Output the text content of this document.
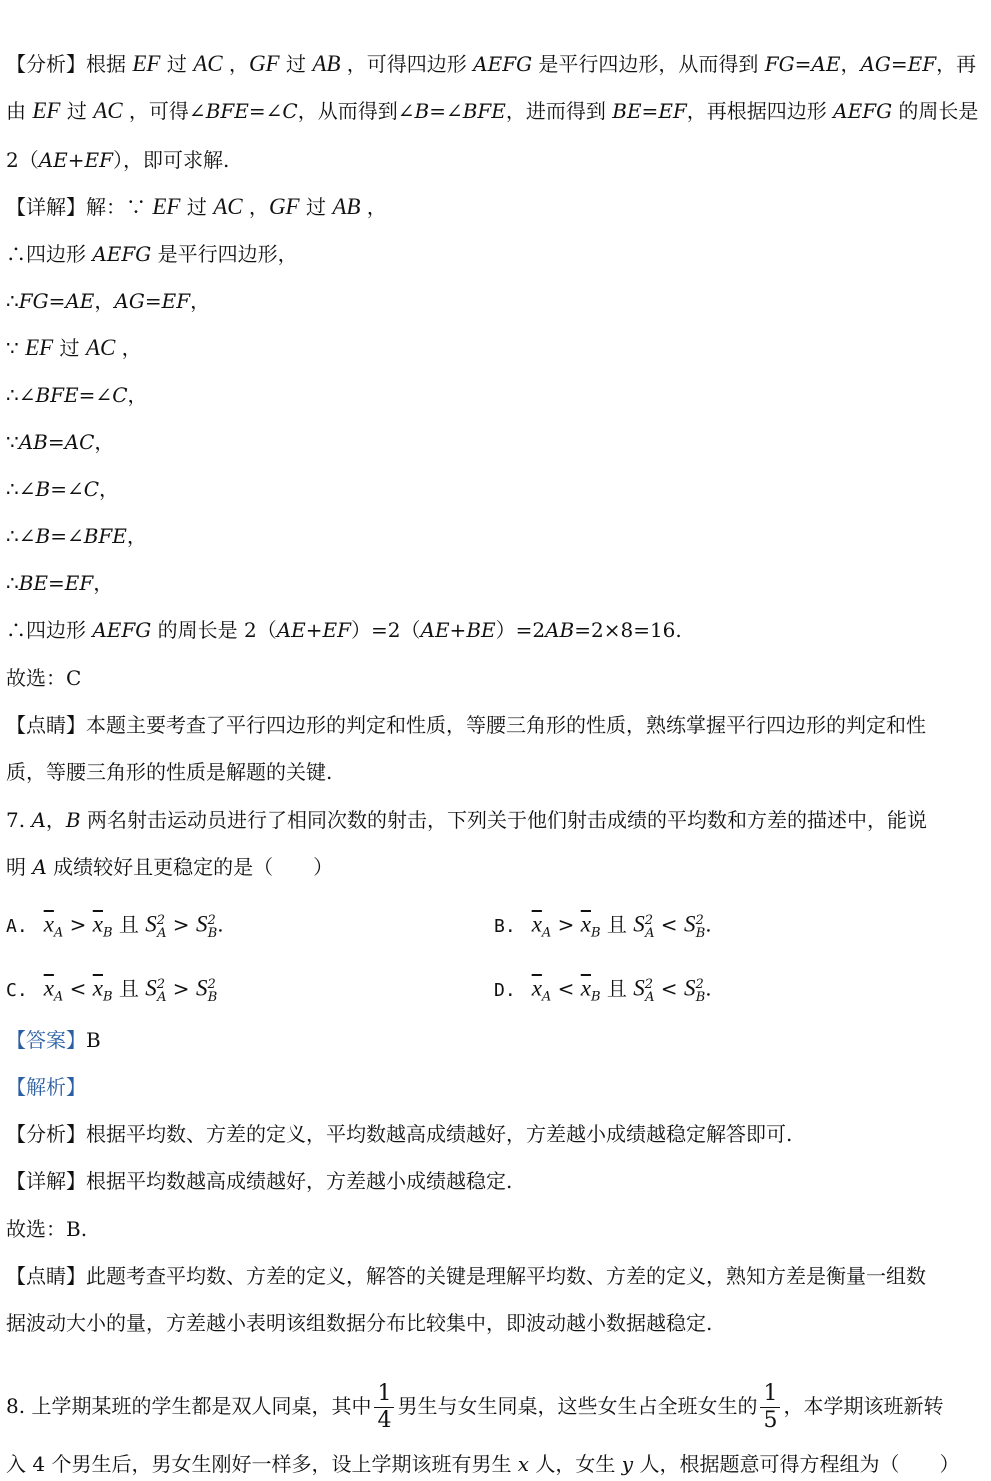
【分析】根据 EF 过 AC ，GF 过 AB ，可得四边形 AEFG 是平行四边形，从而得到 FG=AE，AG=EF，再
由 EF 过 AC ，可得∠BFE=∠C，从而得到∠B=∠BFE，进而得到 BE=EF，再根据四边形 AEFG 的周长是
2（AE+EF），即可求解.
【详解】解：∵ EF 过 AC ，GF 过 AB ，
∴四边形 AEFG 是平行四边形，
∴FG=AE，AG=EF，
∵ EF 过 AC ，
∴∠BFE=∠C，
∵AB=AC，
∴∠B=∠C，
∴∠B=∠BFE，
∴BE=EF，
∴四边形 AEFG 的周长是 2（AE+EF）=2（AE+BE）=2AB=2×8=16.
故选：C
【点睛】本题主要考查了平行四边形的判定和性质，等腰三角形的性质，熟练掌握平行四边形的判定和性
质，等腰三角形的性质是解题的关键.
7. A，B 两名射击运动员进行了相同次数的射击，下列关于他们射击成绩的平均数和方差的描述中，能说
明 A 成绩较好且更稳定的是（　　）
A. $\overline{x}_A > \overline{x}_B$ 且 $S^2_A > S^2_B$.	B. $\overline{x}_A > \overline{x}_B$ 且 $S^2_A < S^2_B$.
C. $\overline{x}_A < \overline{x}_B$ 且 $S^2_A > S^2_B$	D. $\overline{x}_A < \overline{x}_B$ 且 $S^2_A < S^2_B$.
【答案】B
【解析】
【分析】根据平均数、方差的定义，平均数越高成绩越好，方差越小成绩越稳定解答即可.
【详解】根据平均数越高成绩越好，方差越小成绩越稳定.
故选：B.
【点睛】此题考查平均数、方差的定义，解答的关键是理解平均数、方差的定义，熟知方差是衡量一组数
据波动大小的量，方差越小表明该组数据分布比较集中，即波动越小数据越稳定.
8. 上学期某班的学生都是双人同桌，其中 $\frac{1}{4}$ 男生与女生同桌，这些女生占全班女生的 $\frac{1}{5}$ ，本学期该班新转
入 4 个男生后，男女生刚好一样多，设上学期该班有男生 x 人，女生 y 人，根据题意可得方程组为（　　）
